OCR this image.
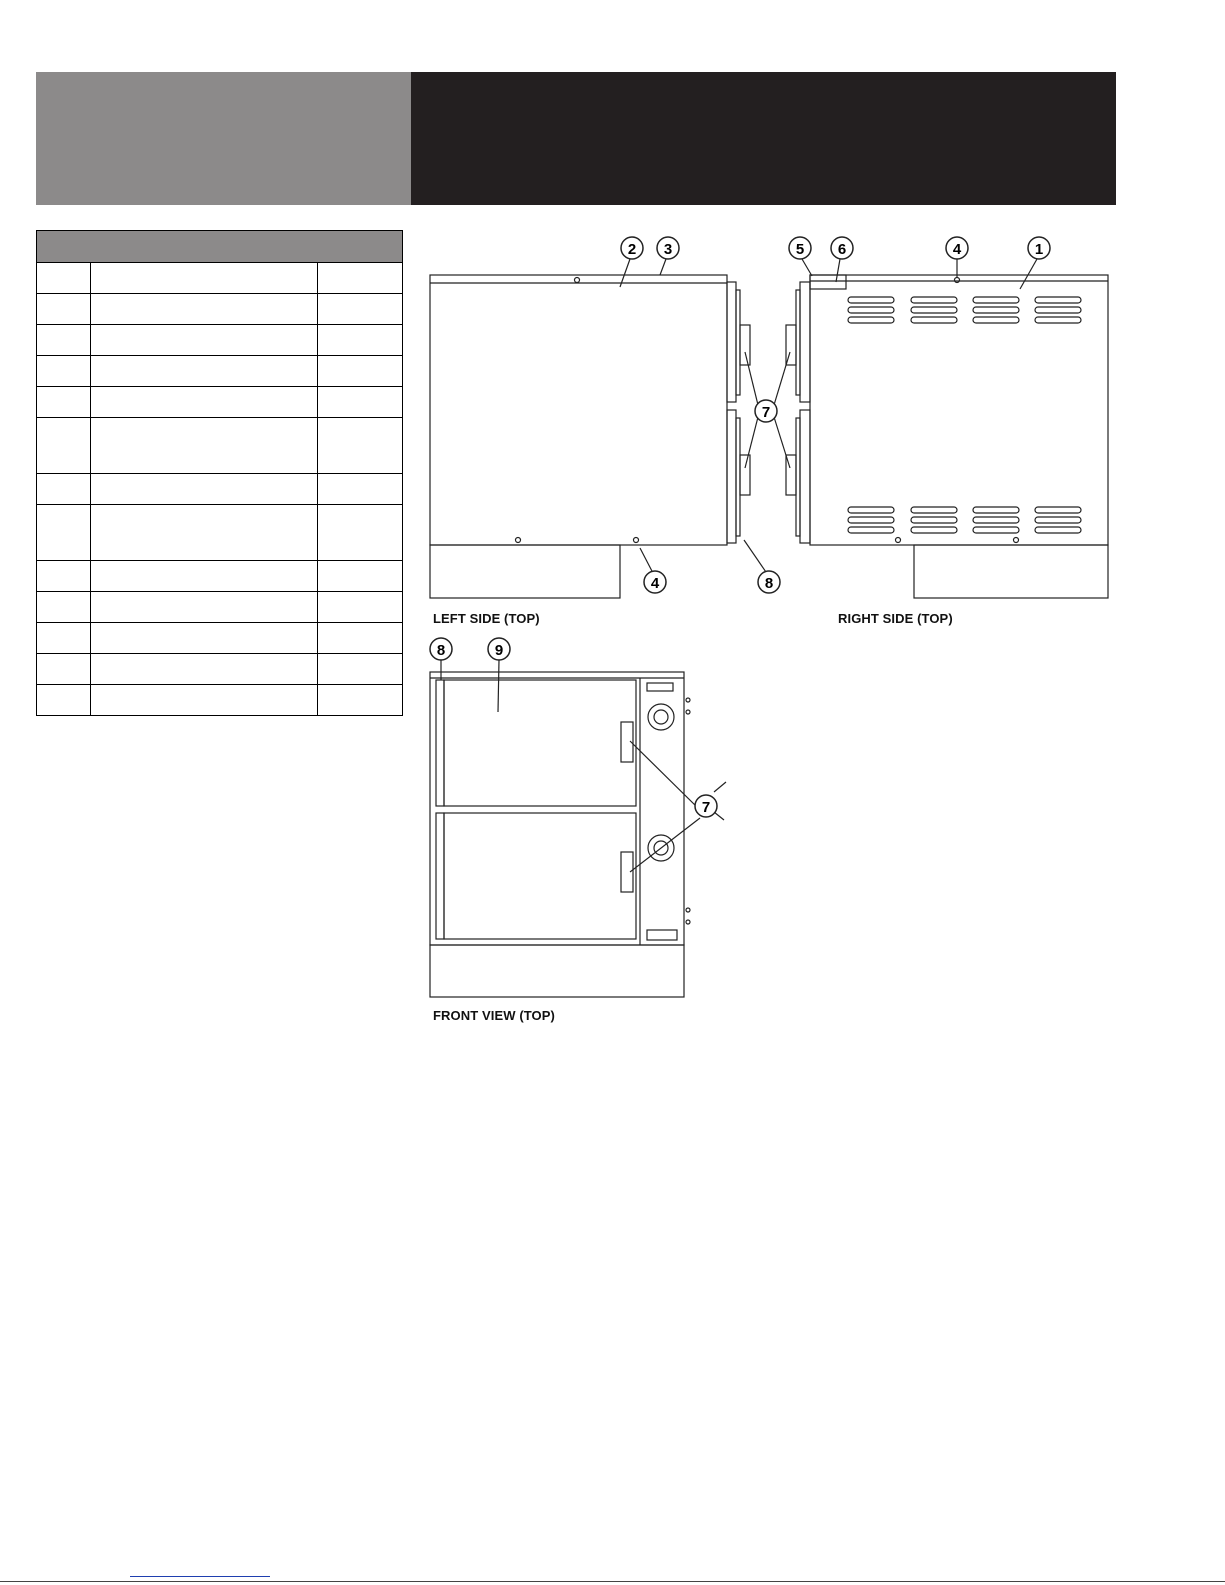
2 3
4	8
5 6	4	1
7
8	9
7
LEFT SIDE (TOP)	RIGHT SIDE (TOP)
FRONT VIEW (TOP)
